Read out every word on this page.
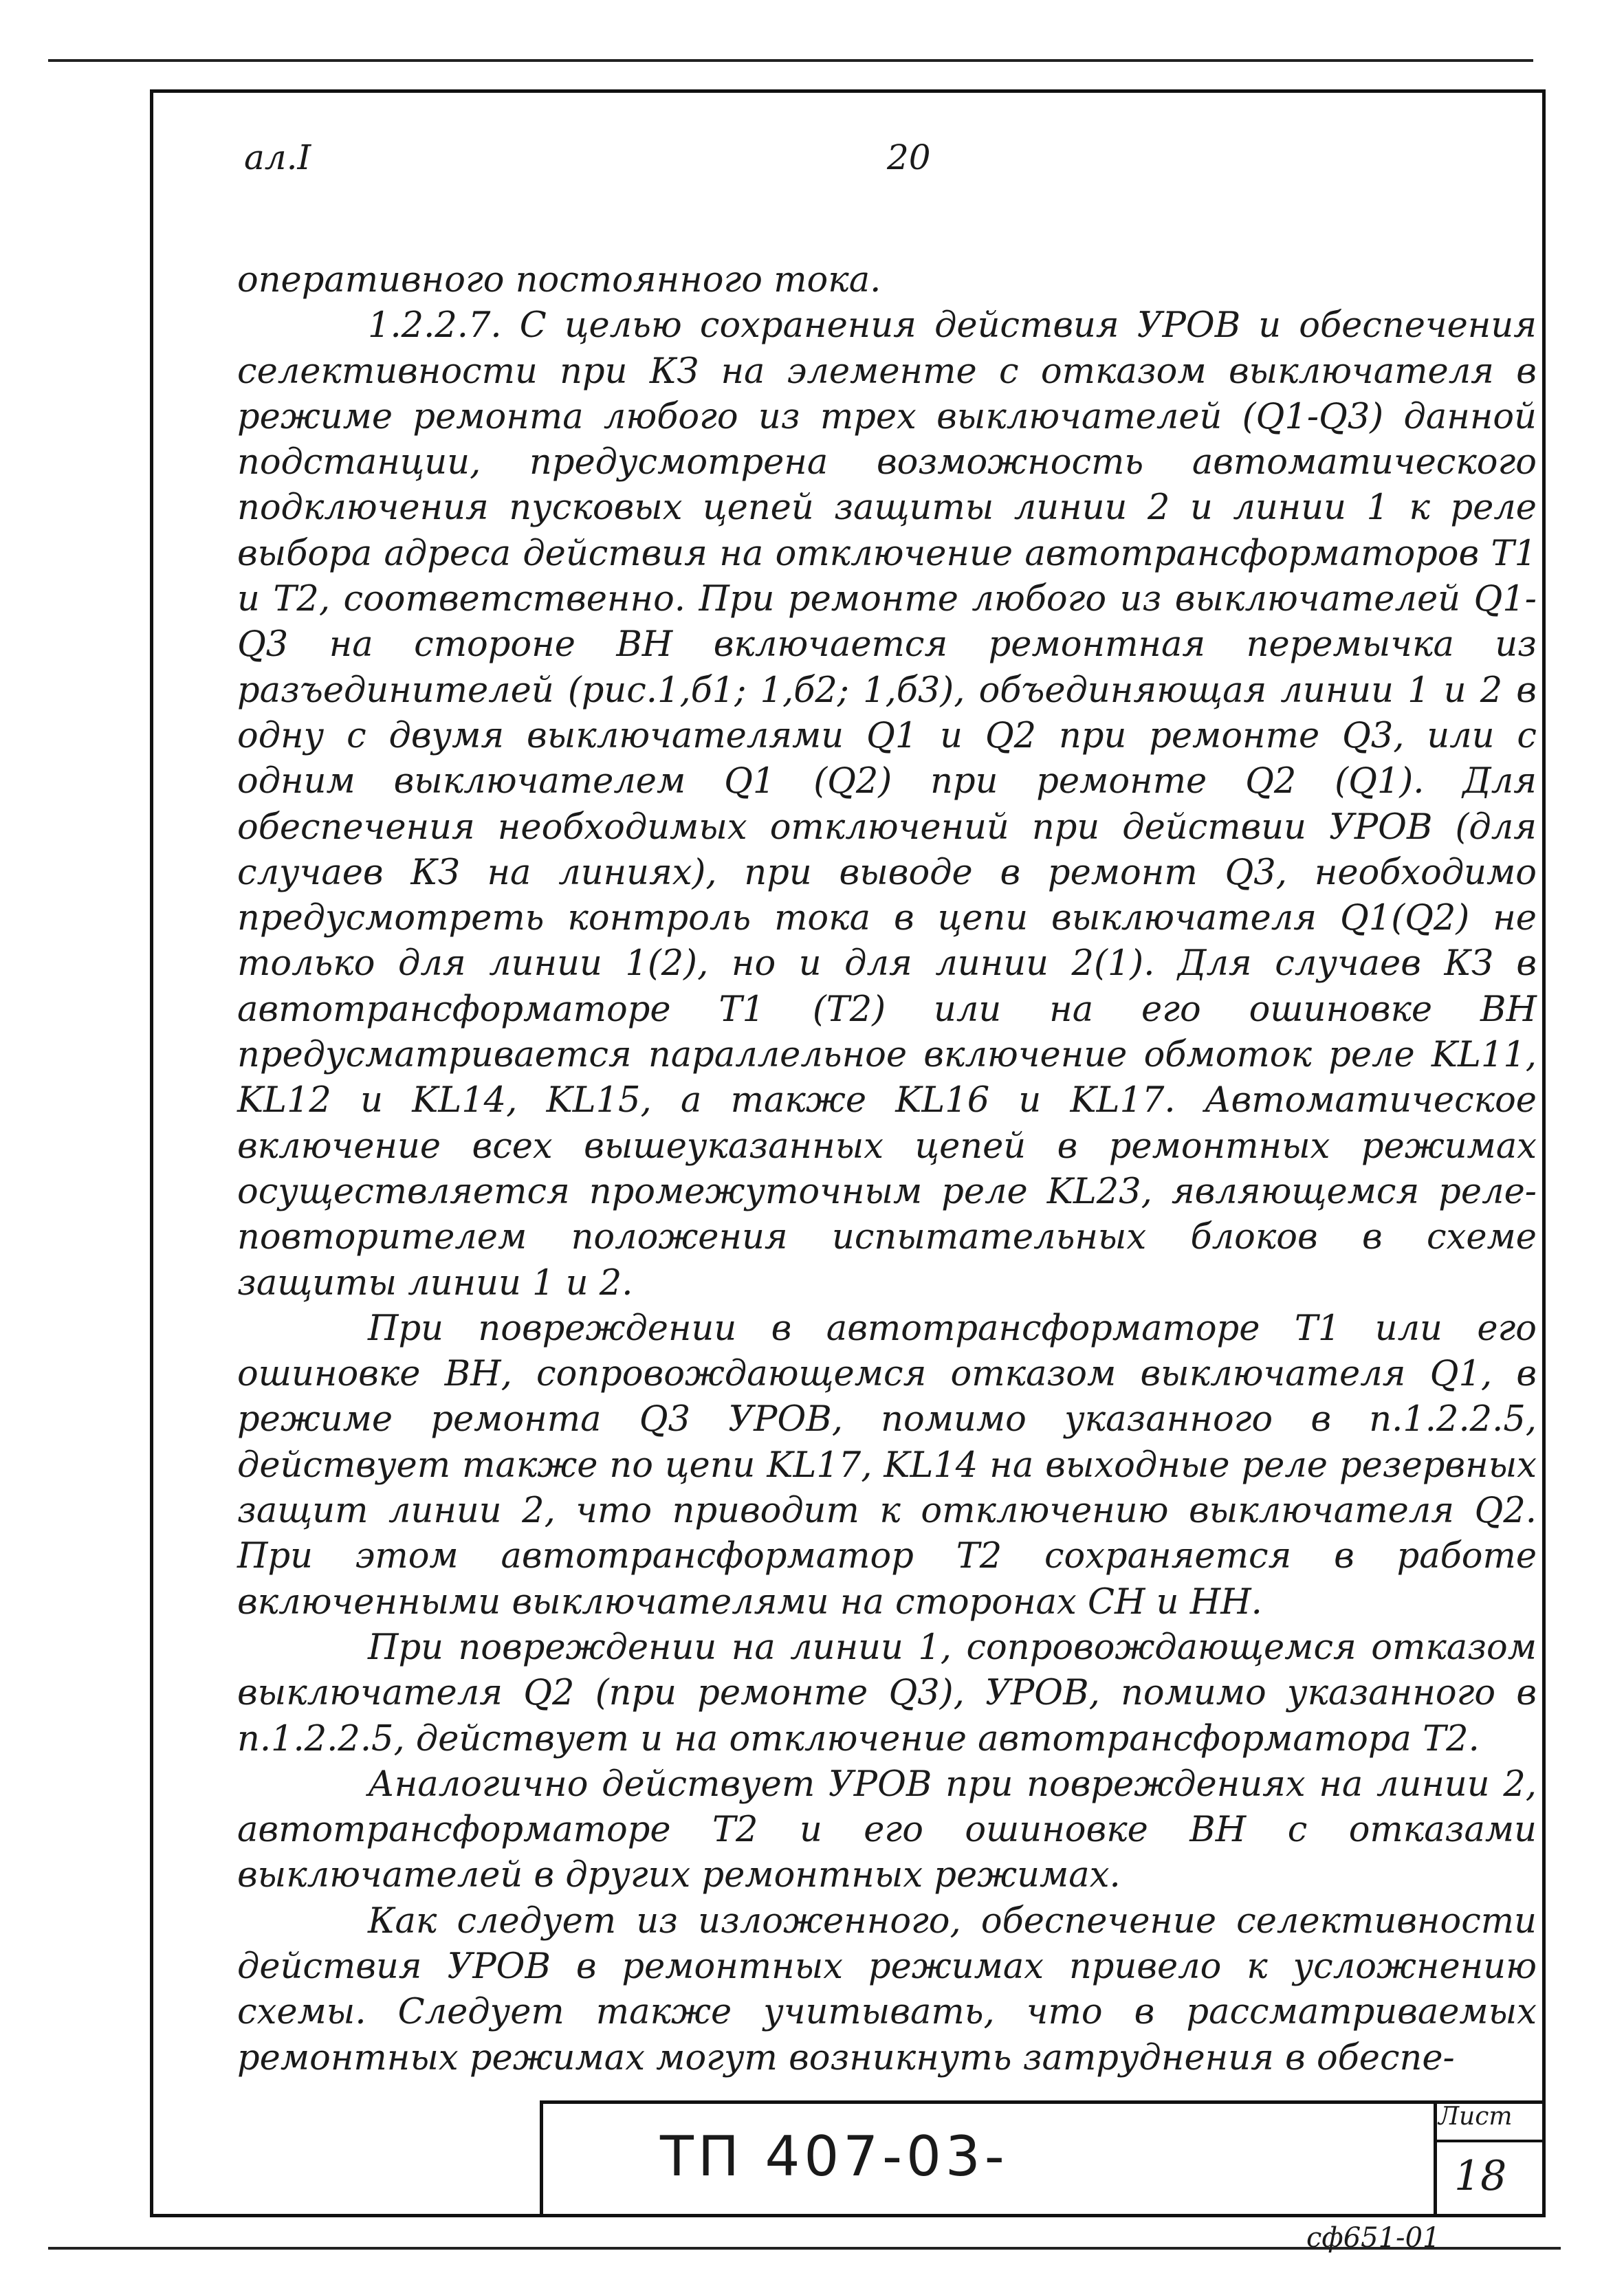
ал.I	20

оперативного постоянного тока.

1.2.2.7. С целью сохранения действия УРОВ и обеспечения селективности при КЗ на элементе с отказом выключателя в режиме ремонта любого из трех выключателей (Q1-Q3) данной подстанции, предусмотрена возможность автоматического подключения пусковых цепей защиты линии 2 и линии 1 к реле выбора адреса действия на отключение автотрансформаторов Т1 и Т2, соответственно. При ремонте любого из выключателей Q1-Q3 на стороне ВН включается ремонтная перемычка из разъединителей (рис.1,б1; 1,б2; 1,б3), объединяющая линии 1 и 2 в одну с двумя выключателями Q1 и Q2 при ремонте Q3, или с одним выключателем Q1 (Q2) при ремонте Q2 (Q1). Для обеспечения необходимых отключений при действии УРОВ (для случаев КЗ на линиях), при выводе в ремонт Q3, необходимо предусмотреть контроль тока в цепи выключателя Q1(Q2) не только для линии 1(2), но и для линии 2(1). Для случаев КЗ в автотрансформаторе Т1 (Т2) или на его ошиновке ВН предусматривается параллельное включение обмоток реле KL11, KL12 и KL14, KL15, а также KL16 и KL17. Автоматическое включение всех вышеуказанных цепей в ремонтных режимах осуществляется промежуточным реле KL23, являющемся реле-повторителем положения испытательных блоков в схеме защиты линии 1 и 2.

При повреждении в автотрансформаторе Т1 или его ошиновке ВН, сопровождающемся отказом выключателя Q1, в режиме ремонта Q3 УРОВ, помимо указанного в п.1.2.2.5, действует также по цепи KL17, KL14 на выходные реле резервных защит линии 2, что приводит к отключению выключателя Q2. При этом автотрансформатор Т2 сохраняется в работе включенными выключателями на сторонах СН и НН.

При повреждении на линии 1, сопровождающемся отказом выключателя Q2 (при ремонте Q3), УРОВ, помимо указанного в п.1.2.2.5, действует и на отключение автотрансформатора Т2.

Аналогично действует УРОВ при повреждениях на линии 2, автотрансформаторе Т2 и его ошиновке ВН с отказами выключателей в других ремонтных режимах.

Как следует из изложенного, обеспечение селективности действия УРОВ в ремонтных режимах привело к усложнению схемы. Следует также учитывать, что в рассматриваемых ремонтных режимах могут возникнуть затруднения в обеспе-

ТП 407-03-
Лист
18
сф651-01
